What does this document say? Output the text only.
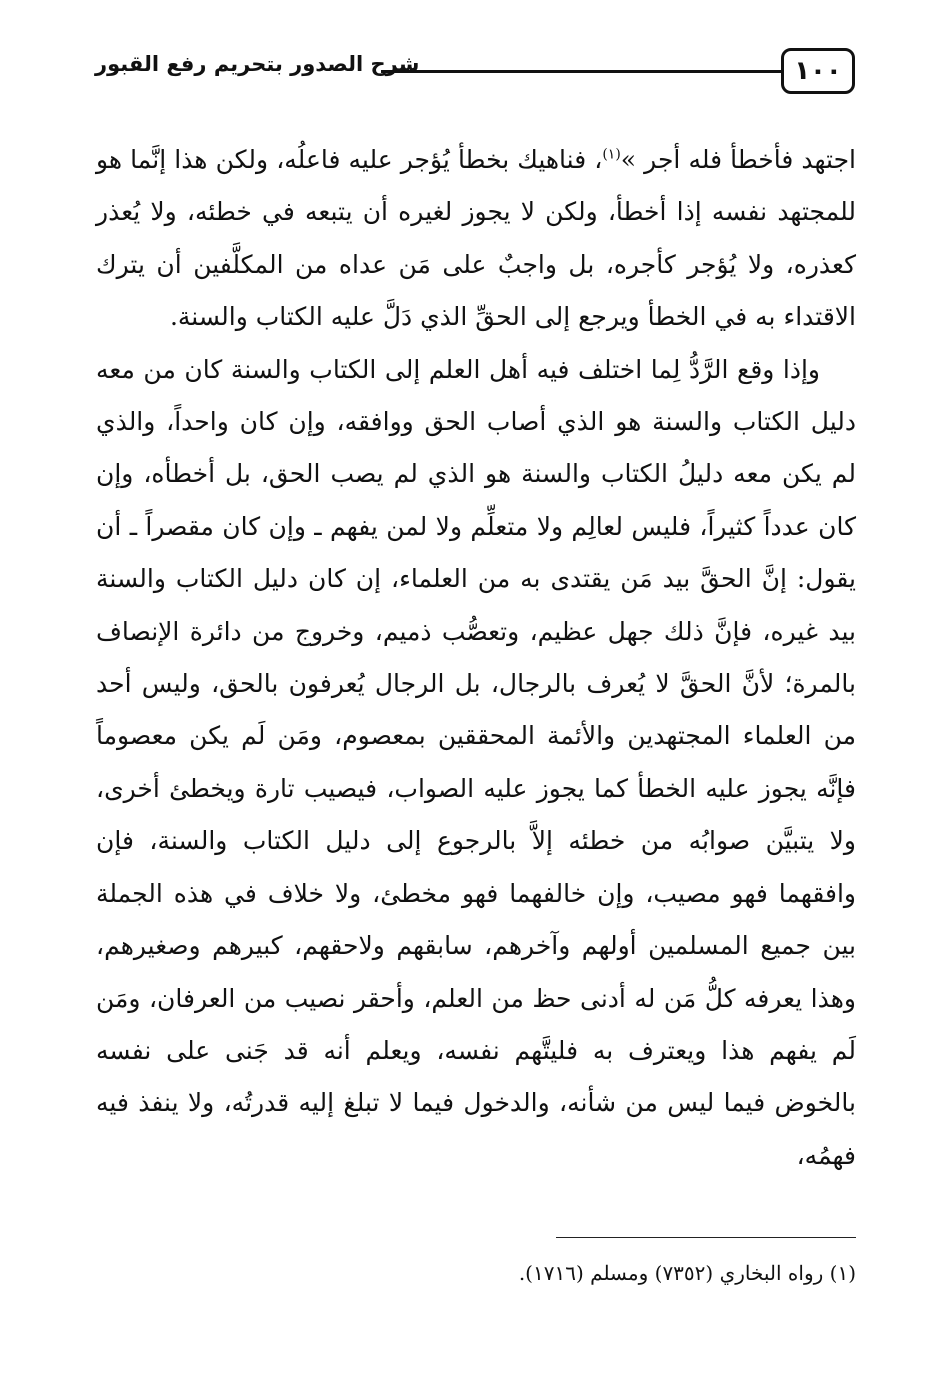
١٠٠
شرح الصدور بتحريم رفع القبور

اجتهد فأخطأ فله أجر »$^{(١)}$، فناهيك بخطأ يُؤجر عليه فاعلُه، ولكن هذا إنَّما هو للمجتهد نفسه إذا أخطأ، ولكن لا يجوز لغيره أن يتبعه في خطئه، ولا يُعذر كعذره، ولا يُؤجر كأجره، بل واجبٌ على مَن عداه من المكلَّفين أن يترك الاقتداء به في الخطأ ويرجع إلى الحقِّ الذي دَلَّ عليه الكتاب والسنة.

وإذا وقع الرَّدُّ لِما اختلف فيه أهل العلم إلى الكتاب والسنة كان من معه دليل الكتاب والسنة هو الذي أصاب الحق ووافقه، وإن كان واحداً، والذي لم يكن معه دليلُ الكتاب والسنة هو الذي لم يصب الحق، بل أخطأه، وإن كان عدداً كثيراً، فليس لعالِم ولا متعلِّم ولا لمن يفهم ـ وإن كان مقصراً ـ أن يقول: إنَّ الحقَّ بيد مَن يقتدى به من العلماء، إن كان دليل الكتاب والسنة بيد غيره، فإنَّ ذلك جهل عظيم، وتعصُّب ذميم، وخروج من دائرة الإنصاف بالمرة؛ لأنَّ الحقَّ لا يُعرف بالرجال، بل الرجال يُعرفون بالحق، وليس أحد من العلماء المجتهدين والأئمة المحققين بمعصوم، ومَن لَم يكن معصوماً فإنَّه يجوز عليه الخطأ كما يجوز عليه الصواب، فيصيب تارة ويخطئ أخرى، ولا يتبيَّن صوابُه من خطئه إلاَّ بالرجوع إلى دليل الكتاب والسنة، فإن وافقهما فهو مصيب، وإن خالفهما فهو مخطئ، ولا خلاف في هذه الجملة بين جميع المسلمين أولهم وآخرهم، سابقهم ولاحقهم، كبيرهم وصغيرهم، وهذا يعرفه كلُّ مَن له أدنى حظ من العلم، وأحقر نصيب من العرفان، ومَن لَم يفهم هذا ويعترف به فليتَّهم نفسه، ويعلم أنه قد جَنى على نفسه بالخوض فيما ليس من شأنه، والدخول فيما لا تبلغ إليه قدرتُه، ولا ينفذ فيه فهمُه،

(١) رواه البخاري (٧٣٥٢) ومسلم (١٧١٦).
